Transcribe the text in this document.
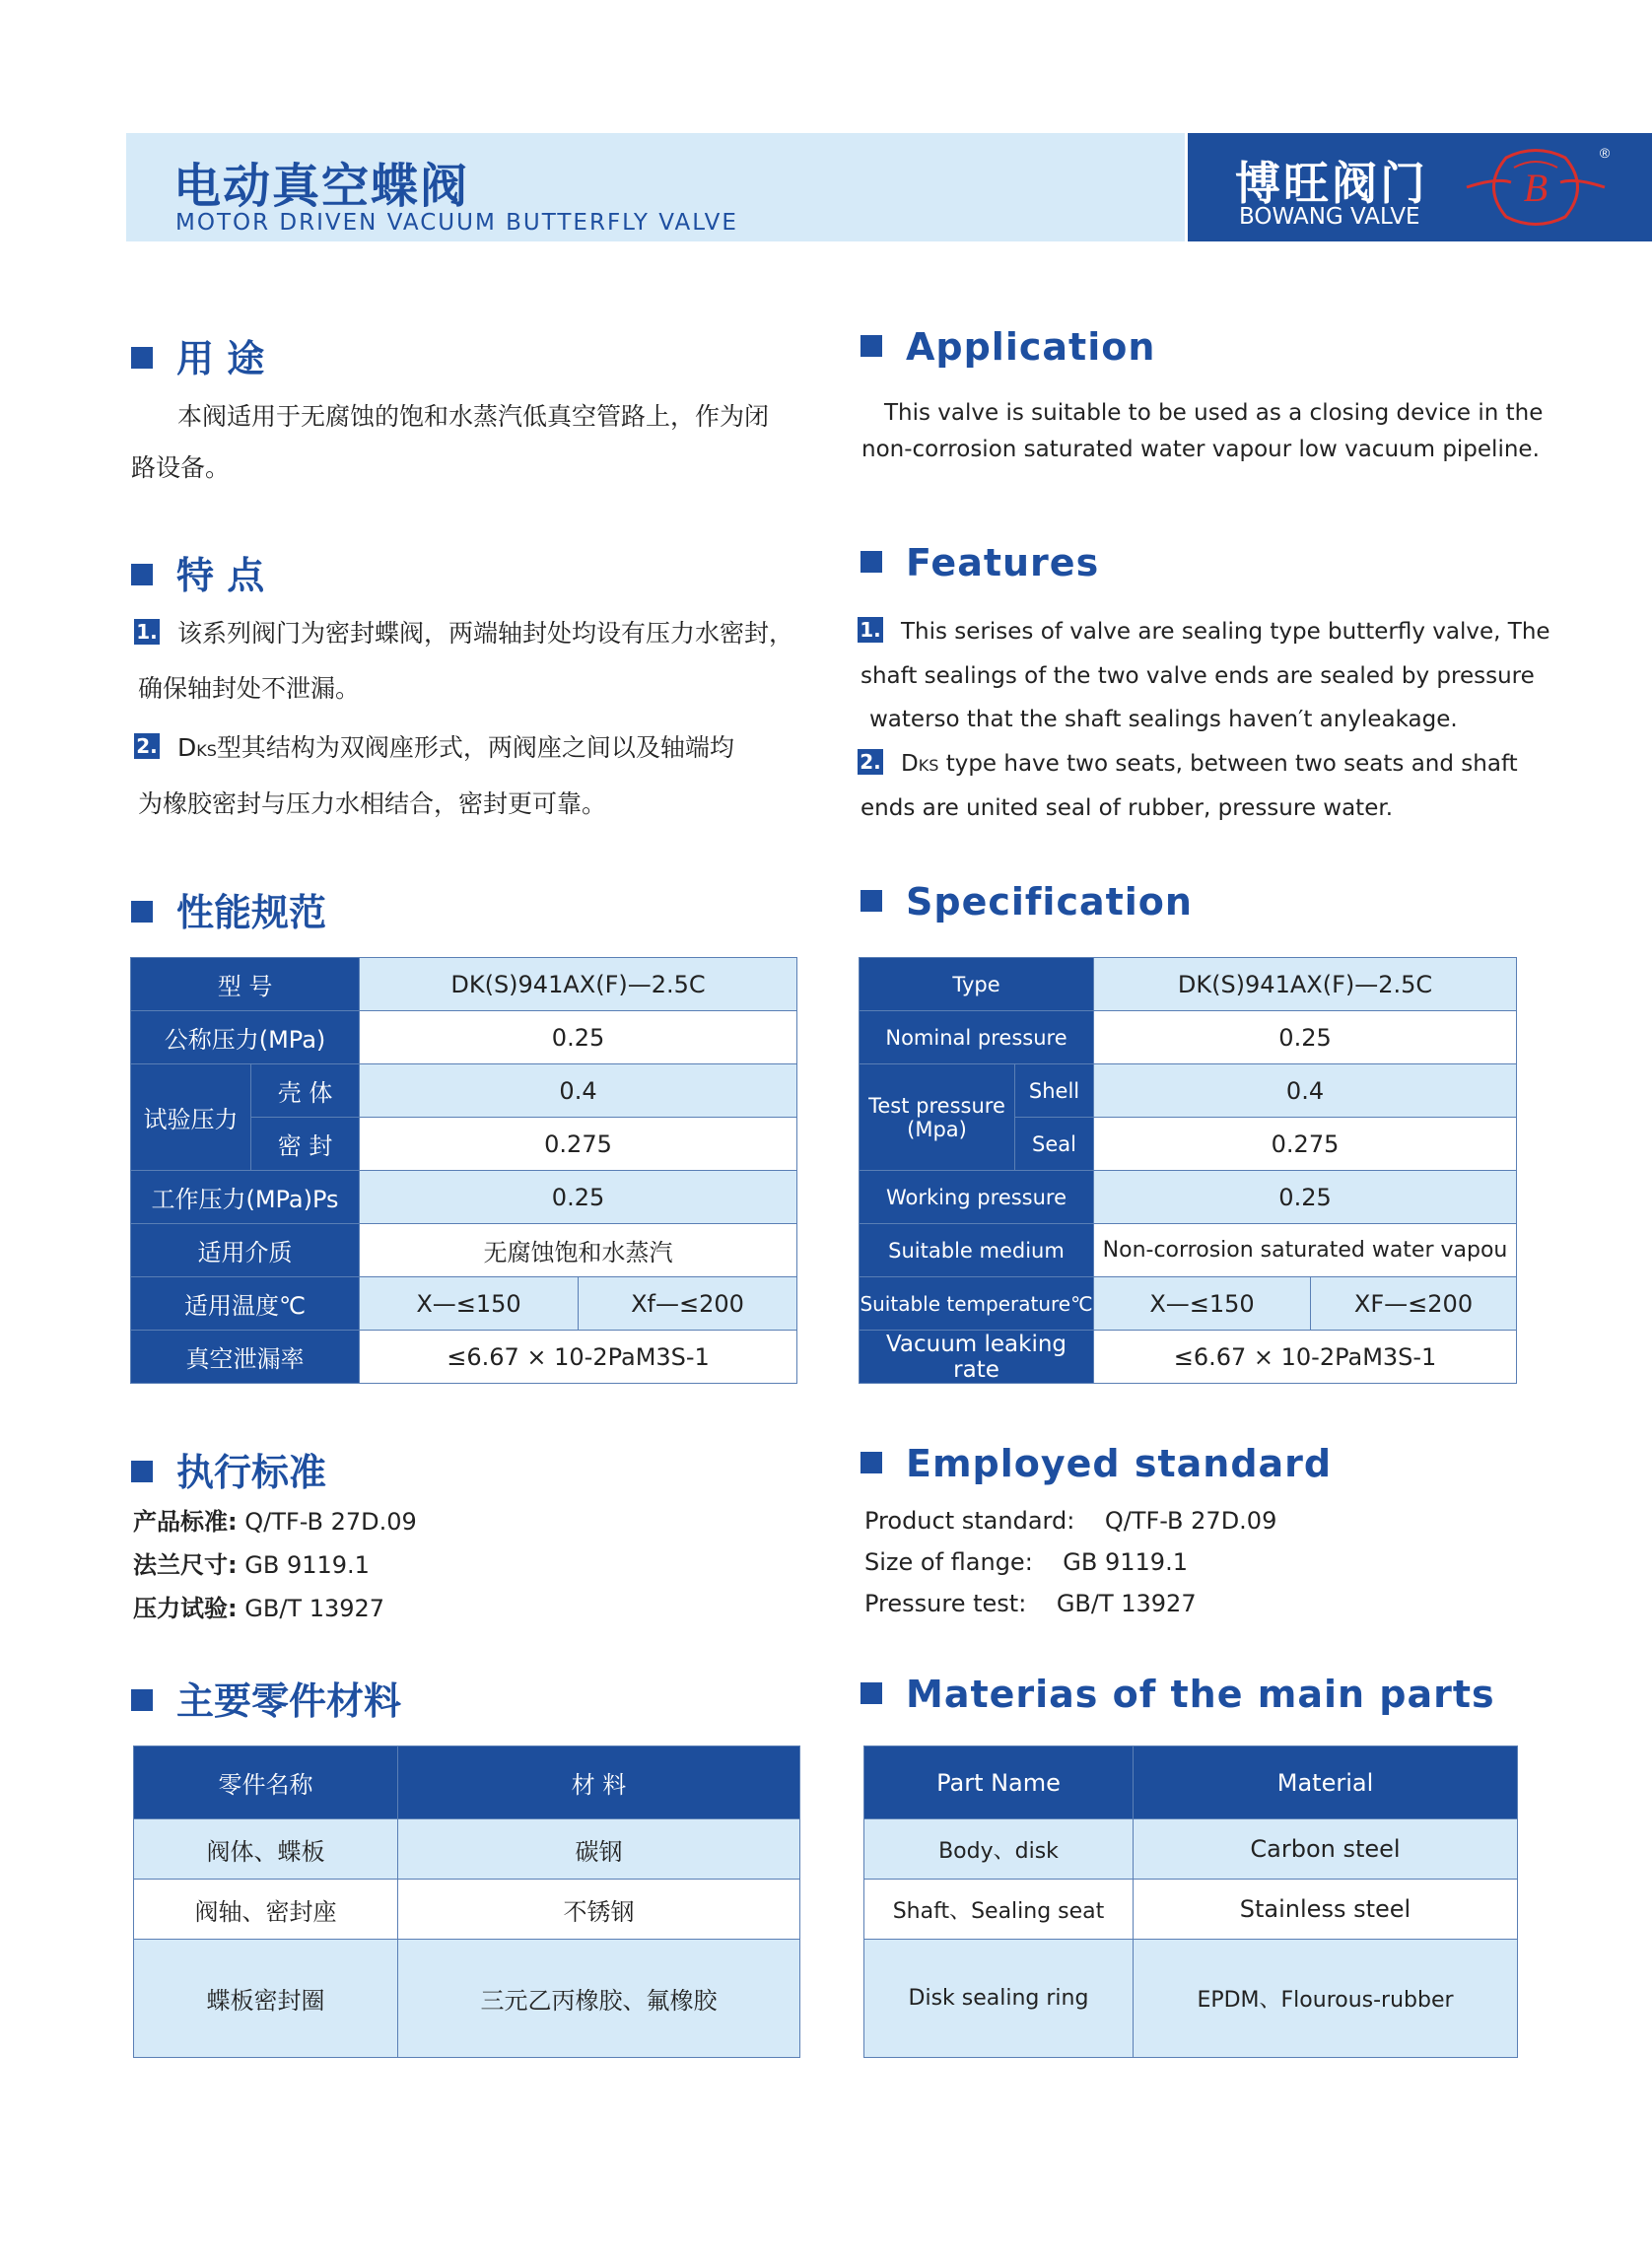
电动真空蝶阀
MOTOR DRIVEN VACUUM BUTTERFLY VALVE
博旺阀门
BOWANG VALVE
B
®
用 途
本阀适用于无腐蚀的饱和水蒸汽低真空管路上，作为闭
路设备。
Application
This valve is suitable to be used as a closing device in the
non-corrosion saturated water vapour low vacuum pipeline.
特 点
1. 该系列阀门为密封蝶阀，两端轴封处均设有压力水密封，
确保轴封处不泄漏。
2. DKS型其结构为双阀座形式，两阀座之间以及轴端均
为橡胶密封与压力水相结合，密封更可靠。
Features
1. This serises of valve are sealing type butterfly valve, The
shaft sealings of the two valve ends are sealed by pressure
waterso that the shaft sealings haven′t anyleakage.
2. DKS type have two seats, between two seats and shaft
ends are united seal of rubber, pressure water.
性能规范	Specification
型 号		DK(S)941AX(F)—2.5C	
公称压力(MPa)		0.25	
试验压力	壳 体	0.4	
	密 封	0.275	
工作压力(MPa)Ps		0.25	
适用介质		无腐蚀饱和水蒸汽	
适用温度℃		X—≤150	Xf—≤200
真空泄漏率		≤6.67 × 10-2PaM3S-1	
Type		DK(S)941AX(F)—2.5C	
Nominal pressure		0.25	
Test pressure (Mpa)	Shell	0.4	
	Seal	0.275	
Working pressure		0.25	
Suitable medium		Non-corrosion saturated water vapou	
Suitable temperature℃		X—≤150	XF—≤200
Vacuum leaking rate		≤6.67 × 10-2PaM3S-1	
执行标准
产品标准: Q/TF-B 27D.09
法兰尺寸: GB 9119.1
压力试验: GB/T 13927
Employed standard
Product standard: Q/TF-B 27D.09
Size of flange: GB 9119.1
Pressure test: GB/T 13927
主要零件材料	Materias of the main parts
零件名称	材 料
阀体、蝶板	碳钢
阀轴、密封座	不锈钢
蝶板密封圈	三元乙丙橡胶、氟橡胶
Part Name	Material
Body、disk	Carbon steel
Shaft、Sealing seat	Stainless steel
Disk sealing ring	EPDM、Flourous-rubber
